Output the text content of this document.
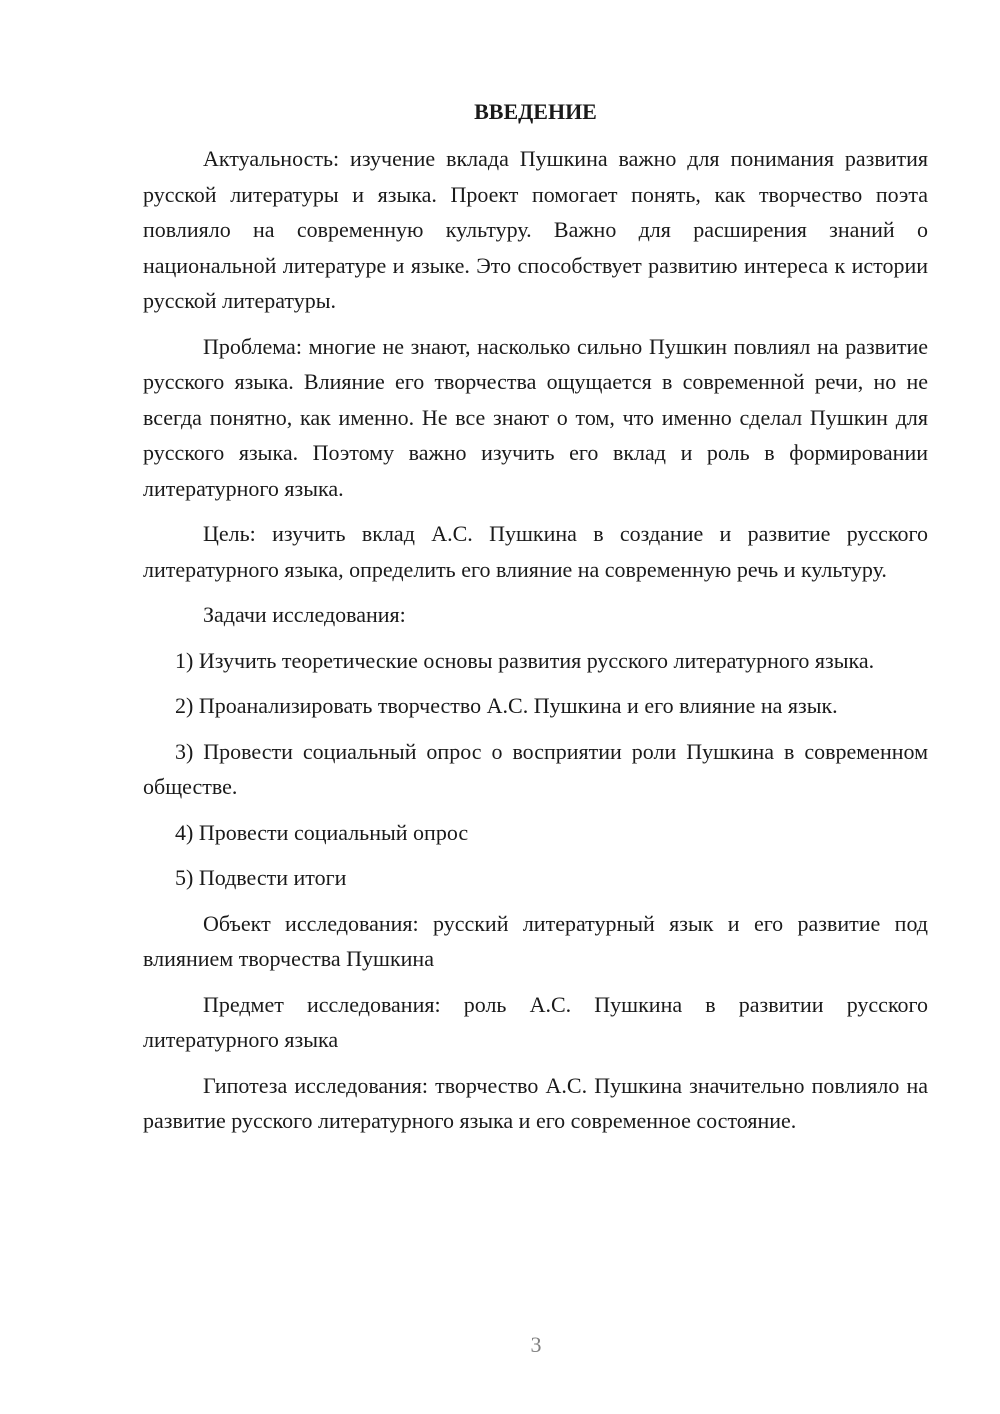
ВВЕДЕНИЕ

Актуальность: изучение вклада Пушкина важно для понимания развития русской литературы и языка. Проект помогает понять, как творчество поэта повлияло на современную культуру. Важно для расширения знаний о национальной литературе и языке. Это способствует развитию интереса к истории русской литературы.

Проблема: многие не знают, насколько сильно Пушкин повлиял на развитие русского языка. Влияние его творчества ощущается в современной речи, но не всегда понятно, как именно. Не все знают о том, что именно сделал Пушкин для русского языка. Поэтому важно изучить его вклад и роль в формировании литературного языка.

Цель: изучить вклад А.С. Пушкина в создание и развитие русского литературного языка, определить его влияние на современную речь и культуру.

Задачи исследования:

1) Изучить теоретические основы развития русского литературного языка.

2) Проанализировать творчество А.С. Пушкина и его влияние на язык.

3) Провести социальный опрос о восприятии роли Пушкина в современном обществе.

4) Провести социальный опрос

5) Подвести итоги

Объект исследования: русский литературный язык и его развитие под влиянием творчества Пушкина

Предмет исследования: роль А.С. Пушкина в развитии русского литературного языка

Гипотеза исследования: творчество А.С. Пушкина значительно повлияло на развитие русского литературного языка и его современное состояние.

3
